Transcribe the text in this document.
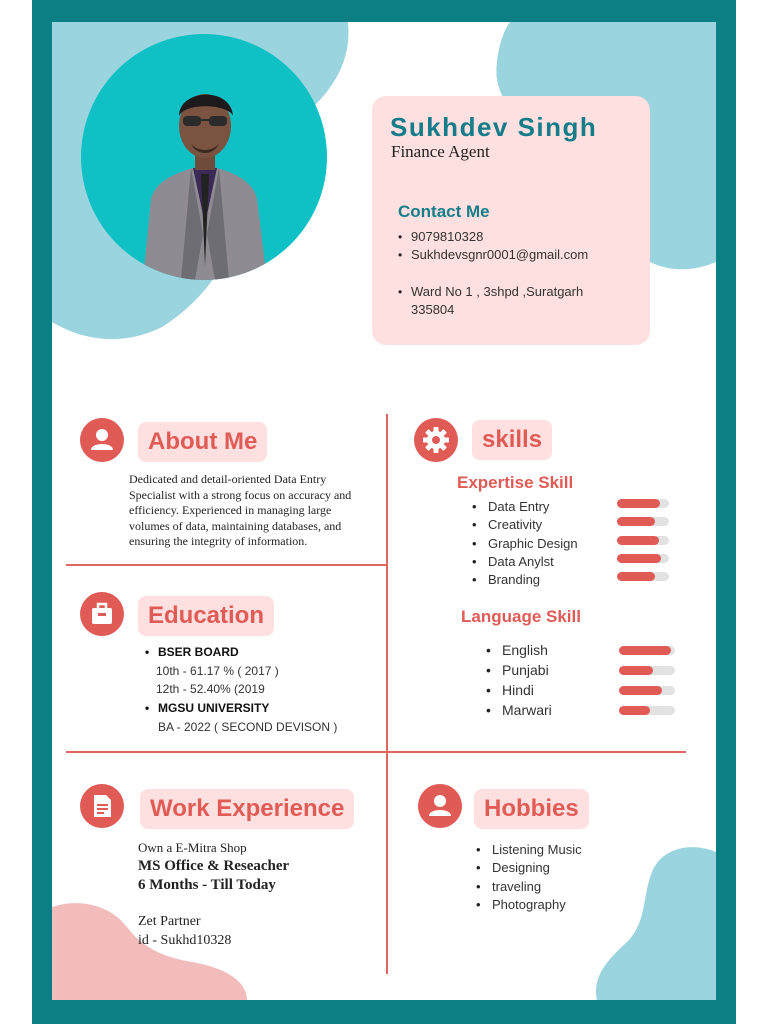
Sukhdev Singh
Finance Agent
Contact Me
• 9079810328
• Sukhdevsgnr0001@gmail.com
• Ward No 1 , 3shpd ,Suratgarh
335804
About Me
Dedicated and detail-oriented Data Entry
Specialist with a strong focus on accuracy and
efficiency. Experienced in managing large
volumes of data, maintaining databases, and
ensuring the integrity of information.
skills
Expertise Skill
• Data Entry
• Creativity
• Graphic Design
• Data Anylst
• Branding
Language Skill
• English
• Punjabi
• Hindi
• Marwari
Education
• BSER BOARD
10th - 61.17 % ( 2017 )
12th - 52.40% (2019
• MGSU UNIVERSITY
BA - 2022 ( SECOND DEVISON )
Work Experience
Own a E-Mitra Shop
MS Office & Reseacher
6 Months - Till Today
Zet Partner
id - Sukhd10328
Hobbies
• Listening Music
• Designing
• traveling
• Photography
